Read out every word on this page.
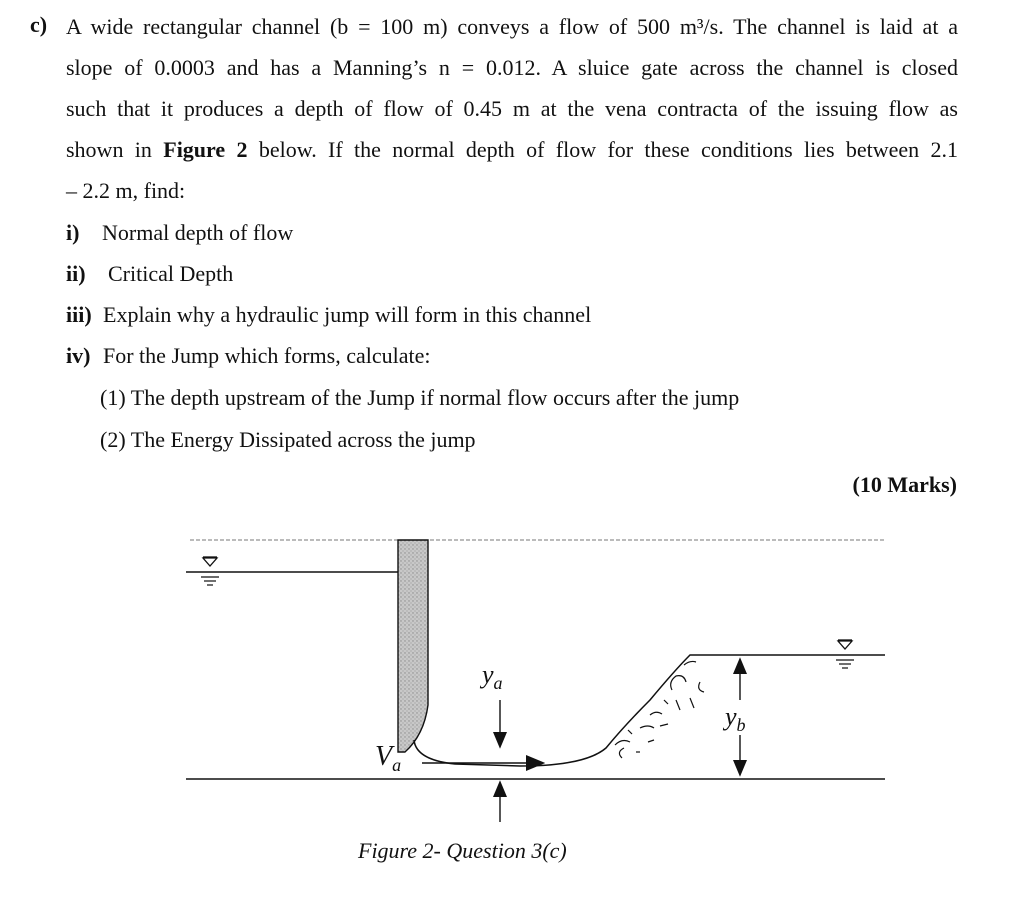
c) A wide rectangular channel (b = 100 m) conveys a flow of 500 m³/s. The channel is laid at a
slope of 0.0003 and has a Manning’s n = 0.012. A sluice gate across the channel is closed
such that it produces a depth of flow of 0.45 m at the vena contracta of the issuing flow as
shown in Figure 2 below. If the normal depth of flow for these conditions lies between 2.1
– 2.2 m, find:
i) Normal depth of flow
ii) Critical Depth
iii) Explain why a hydraulic jump will form in this channel
iv) For the Jump which forms, calculate:
(1) The depth upstream of the Jump if normal flow occurs after the jump
(2) The Energy Dissipated across the jump
(10 Marks)
$y_a$
$y_b$
$V_a$
Figure 2- Question 3(c)
